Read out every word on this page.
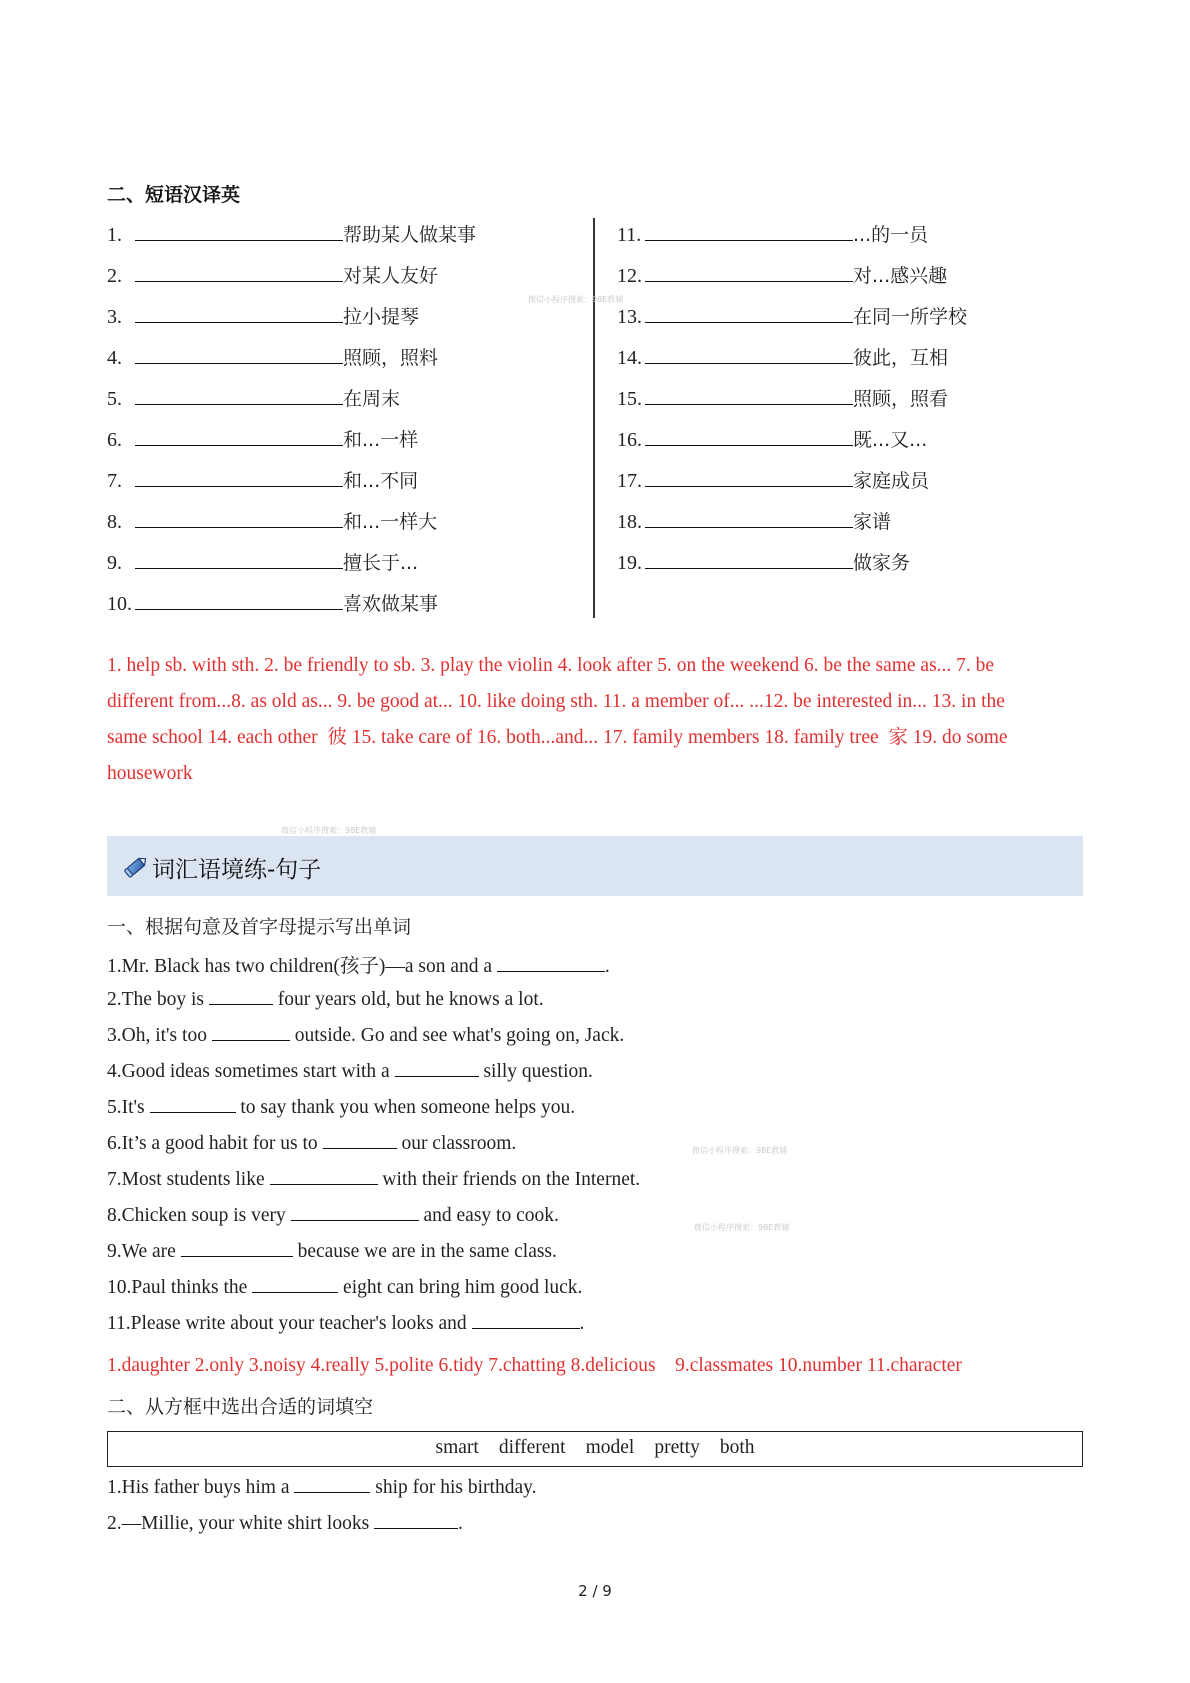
二、短语汉译英
1.	帮助某人做某事
2.	对某人友好
3.	拉小提琴
4.	照顾，照料
5.	在周末
6.	和...一样
7.	和...不同
8.	和...一样大
9.	擅长于...
10.	喜欢做某事
11.	...的一员
12.	对...感兴趣
13.	在同一所学校
14.	彼此，互相
15.	照顾，照看
16.	既...又...
17.	家庭成员
18.	家谱
19.	做家务
1. help sb. with sth. 2. be friendly to sb. 3. play the violin 4. look after 5. on the weekend 6. be the same as... 7. be
different from...8. as old as... 9. be good at... 10. like doing sth. 11. a member of... ...12. be interested in... 13. in the
same school 14. each other  彼 15. take care of 16. both...and... 17. family members 18. family tree  家 19. do some
housework
词汇语境练-句子
一、根据句意及首字母提示写出单词
1.Mr. Black has two children(孩子)—a son and a	.
2.The boy is	four years old, but he knows a lot.
3.Oh, it's too	outside. Go and see what's going on, Jack.
4.Good ideas sometimes start with a	silly question.
5.It's	to say thank you when someone helps you.
6.It’s a good habit for us to	our classroom.
7.Most students like	with their friends on the Internet.
8.Chicken soup is very	and easy to cook.
9.We are	because we are in the same class.
10.Paul thinks the	eight can bring him good luck.
11.Please write about your teacher's looks and	.
1.daughter 2.only 3.noisy 4.really 5.polite 6.tidy 7.chatting 8.delicious    9.classmates 10.number 11.character
二、从方框中选出合适的词填空
smart different model pretty both
1.His father buys him a	ship for his birthday.
2.—Millie, your white shirt looks	.
2 / 9
微信小程序搜索：98E教辅
微信小程序搜索：98E教辅
微信小程序搜索：98E教辅
微信小程序搜索：98E教辅
